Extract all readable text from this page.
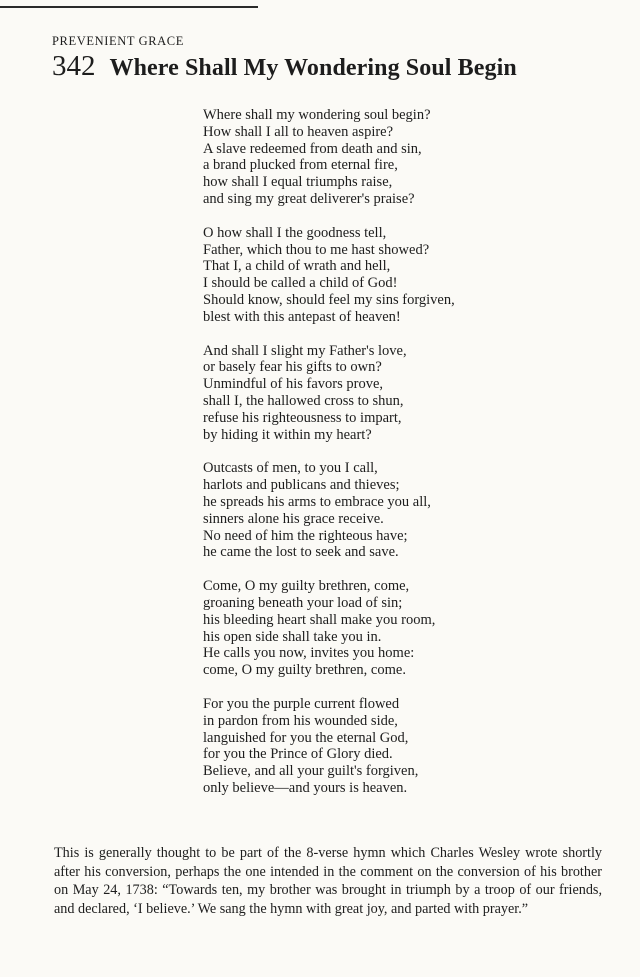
PREVENIENT GRACE
342 Where Shall My Wondering Soul Begin
Where shall my wondering soul begin?
How shall I all to heaven aspire?
A slave redeemed from death and sin,
a brand plucked from eternal fire,
how shall I equal triumphs raise,
and sing my great deliverer's praise?
O how shall I the goodness tell,
Father, which thou to me hast showed?
That I, a child of wrath and hell,
I should be called a child of God!
Should know, should feel my sins forgiven,
blest with this antepast of heaven!
And shall I slight my Father's love,
or basely fear his gifts to own?
Unmindful of his favors prove,
shall I, the hallowed cross to shun,
refuse his righteousness to impart,
by hiding it within my heart?
Outcasts of men, to you I call,
harlots and publicans and thieves;
he spreads his arms to embrace you all,
sinners alone his grace receive.
No need of him the righteous have;
he came the lost to seek and save.
Come, O my guilty brethren, come,
groaning beneath your load of sin;
his bleeding heart shall make you room,
his open side shall take you in.
He calls you now, invites you home:
come, O my guilty brethren, come.
For you the purple current flowed
in pardon from his wounded side,
languished for you the eternal God,
for you the Prince of Glory died.
Believe, and all your guilt's forgiven,
only believe—and yours is heaven.
This is generally thought to be part of the 8-verse hymn which Charles Wesley wrote shortly after his conversion, perhaps the one intended in the comment on the conversion of his brother on May 24, 1738: “Towards ten, my brother was brought in triumph by a troop of our friends, and declared, ‘I believe.’ We sang the hymn with great joy, and parted with prayer.”
